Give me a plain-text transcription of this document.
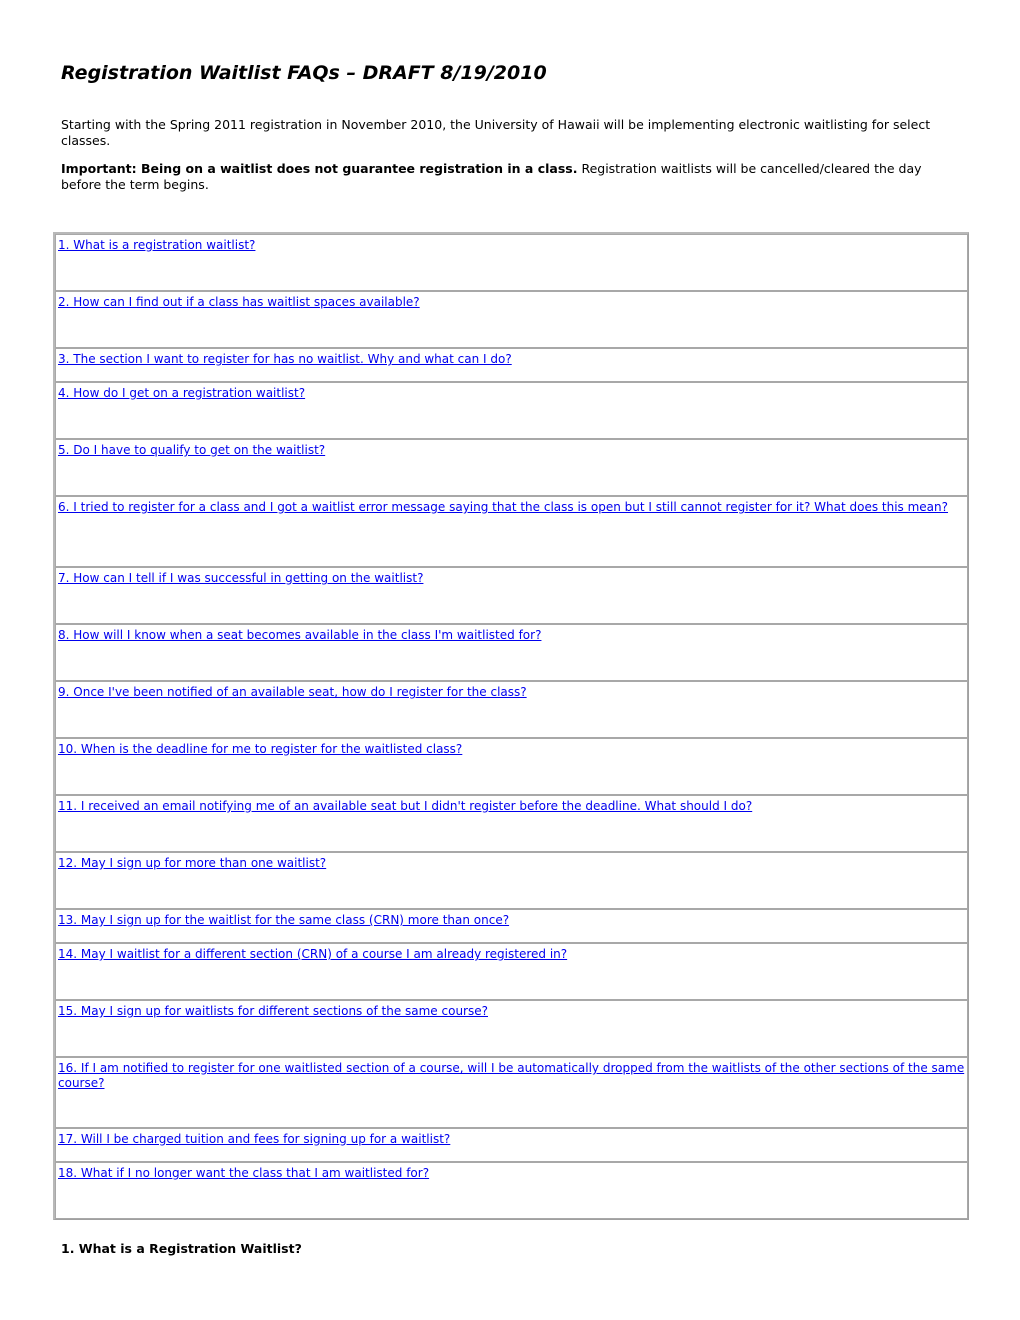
Registration Waitlist FAQs – DRAFT 8/19/2010

Starting with the Spring 2011 registration in November 2010, the University of Hawaii will be implementing electronic waitlisting for select classes.

Important: Being on a waitlist does not guarantee registration in a class. Registration waitlists will be cancelled/cleared the day before the term begins.

1. What is a registration waitlist?
2. How can I find out if a class has waitlist spaces available?
3. The section I want to register for has no waitlist. Why and what can I do?
4. How do I get on a registration waitlist?
5. Do I have to qualify to get on the waitlist?
6. I tried to register for a class and I got a waitlist error message saying that the class is open but I still cannot register for it? What does this mean?
7. How can I tell if I was successful in getting on the waitlist?
8. How will I know when a seat becomes available in the class I'm waitlisted for?
9. Once I've been notified of an available seat, how do I register for the class?
10. When is the deadline for me to register for the waitlisted class?
11. I received an email notifying me of an available seat but I didn't register before the deadline. What should I do?
12. May I sign up for more than one waitlist?
13. May I sign up for the waitlist for the same class (CRN) more than once?
14. May I waitlist for a different section (CRN) of a course I am already registered in?
15. May I sign up for waitlists for different sections of the same course?
16. If I am notified to register for one waitlisted section of a course, will I be automatically dropped from the waitlists of the other sections of the same course?
17. Will I be charged tuition and fees for signing up for a waitlist?
18. What if I no longer want the class that I am waitlisted for?
1. What is a Registration Waitlist?
